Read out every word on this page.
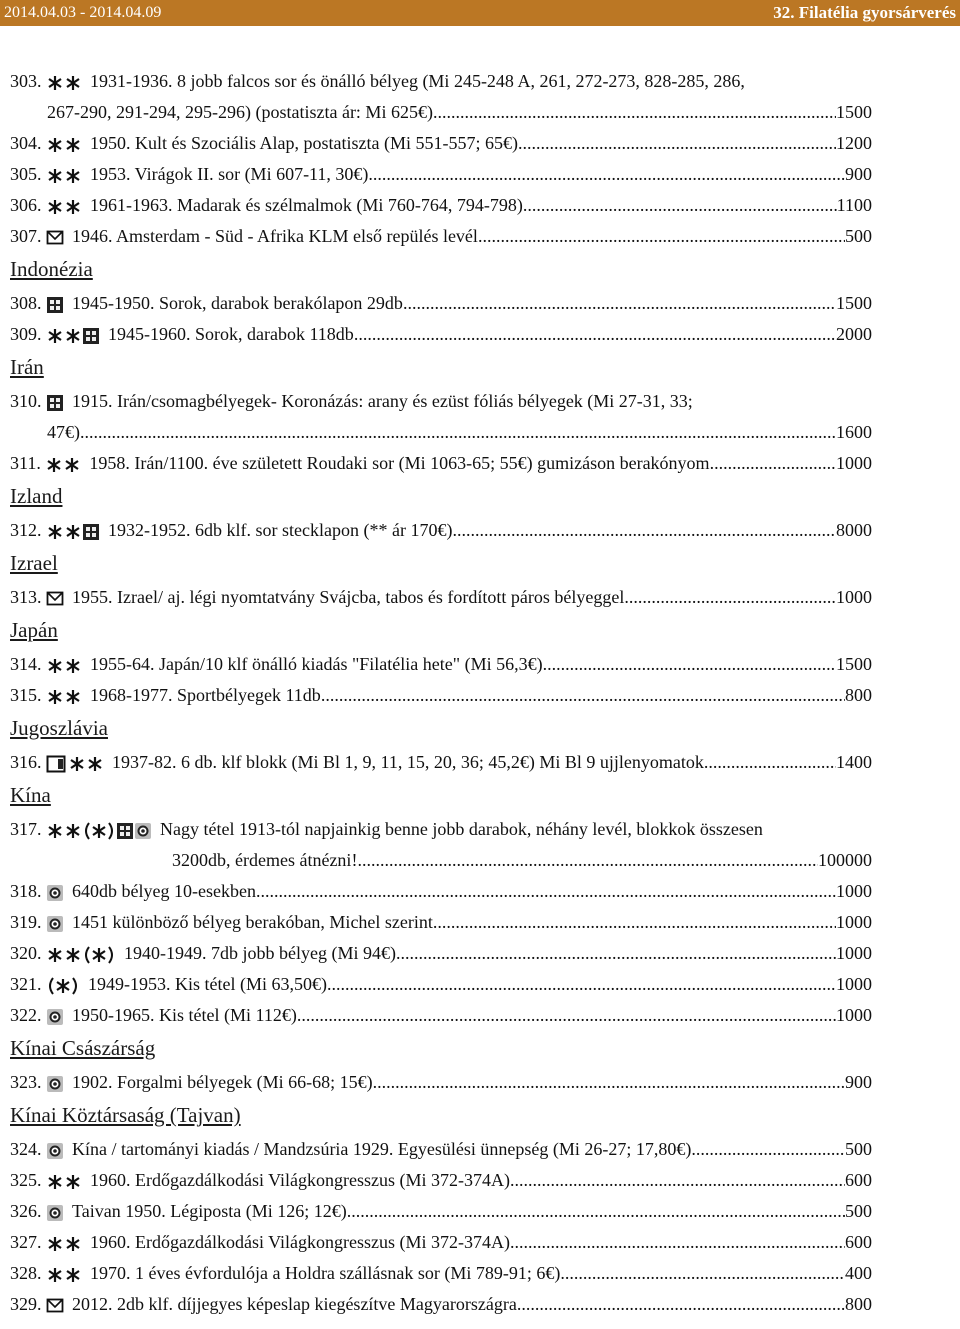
2014.04.03 - 2014.04.09	32. Filatélia gyorsárverés
303. 1931-1936. 8 jobb falcos sor és önálló bélyeg (Mi 245-248 A, 261, 272-273, 828-285, 286,
267-290, 291-294, 295-296) (postatiszta ár: Mi 625€) .....	1500
304. 1950. Kult és Szociális Alap, postatiszta (Mi 551-557; 65€) .....	1200
305. 1953. Virágok II. sor (Mi 607-11, 30€) .....	900
306. 1961-1963. Madarak és szélmalmok (Mi 760-764, 794-798) .....	1100
307. 1946. Amsterdam - Süd - Afrika KLM első repülés levél .....	500
Indonézia
308. 1945-1950. Sorok, darabok berakólapon 29db .....	1500
309.	1945-1960. Sorok, darabok 118db .....	2000
Irán
310. 1915. Irán/csomagbélyegek- Koronázás: arany és ezüst fóliás bélyegek (Mi 27-31, 33;
47€)... .....	1600
311. 1958. Irán/1100. éve született Roudaki sor (Mi 1063-65; 55€) gumizáson berakónyom .....	1000
Izland
312.	1932-1952. 6db klf. sor stecklapon (** ár 170€) .....	8000
Izrael
313. 1955. Izrael/ aj. légi nyomtatvány Svájcba, tabos és fordított páros bélyeggel .....	1000
Japán
314. 1955-64. Japán/10 klf önálló kiadás "Filatélia hete" (Mi 56,3€) .....	1500
315. 1968-1977. Sportbélyegek 11db .....	800
Jugoszlávia
316.	1937-82. 6 db. klf blokk (Mi Bl 1, 9, 11, 15, 20, 36; 45,2€) Mi Bl 9 ujjlenyomatok .....	1400
Kína
317.	Nagy tétel 1913-tól napjainkig benne jobb darabok, néhány levél, blokkok összesen
3200db, érdemes átnézni! .....	100000
318. 640db bélyeg 10-esekben .....	1000
319. 1451 különböző bélyeg berakóban, Michel szerint .....	1000
320.	1940-1949. 7db jobb bélyeg (Mi 94€) .....	1000
321. 1949-1953. Kis tétel (Mi 63,50€) .....	1000
322. 1950-1965. Kis tétel (Mi 112€) .....	1000
Kínai Császárság
323. 1902. Forgalmi bélyegek (Mi 66-68; 15€) .....	900
Kínai Köztársaság (Tajvan)
324. Kína / tartományi kiadás / Mandzsúria 1929. Egyesülési ünnepség (Mi 26-27; 17,80€) .....	500
325. 1960. Erdőgazdálkodási Világkongresszus (Mi 372-374A) .....	600
326. Taivan 1950. Légiposta (Mi 126; 12€) .....	500
327. 1960. Erdőgazdálkodási Világkongresszus (Mi 372-374A) .....	600
328. 1970. 1 éves évfordulója a Holdra szállásnak sor (Mi 789-91; 6€) .....	400
329. 2012. 2db klf. díjjegyes képeslap kiegészítve Magyarországra .....	800
